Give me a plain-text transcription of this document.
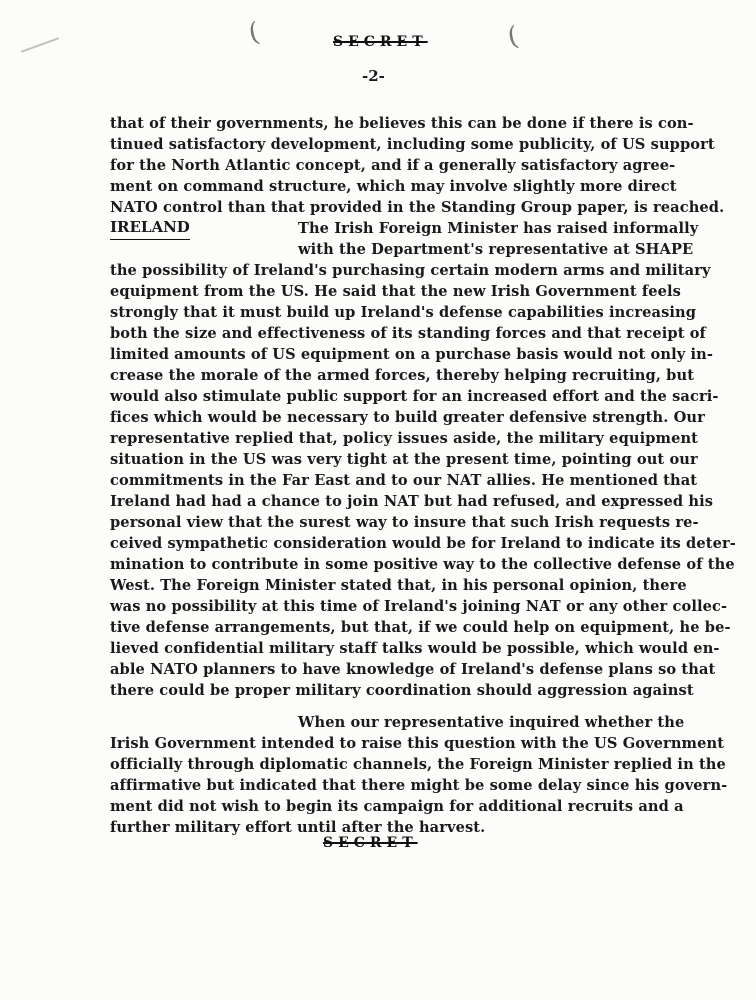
(	(
SECRET
-2-
that of their governments, he believes this can be done if there is con-
tinued satisfactory development, including some publicity, of US support
for the North Atlantic concept, and if a generally satisfactory agree-
ment on command structure, which may involve slightly more direct
NATO control than that provided in the Standing Group paper, is reached.
IRELAND	The Irish Foreign Minister has raised informally
with the Department's representative at SHAPE
the possibility of Ireland's purchasing certain modern arms and military
equipment from the US. He said that the new Irish Government feels
strongly that it must build up Ireland's defense capabilities increasing
both the size and effectiveness of its standing forces and that receipt of
limited amounts of US equipment on a purchase basis would not only in-
crease the morale of the armed forces, thereby helping recruiting, but
would also stimulate public support for an increased effort and the sacri-
fices which would be necessary to build greater defensive strength. Our
representative replied that, policy issues aside, the military equipment
situation in the US was very tight at the present time, pointing out our
commitments in the Far East and to our NAT allies. He mentioned that
Ireland had had a chance to join NAT but had refused, and expressed his
personal view that the surest way to insure that such Irish requests re-
ceived sympathetic consideration would be for Ireland to indicate its deter-
mination to contribute in some positive way to the collective defense of the
West. The Foreign Minister stated that, in his personal opinion, there
was no possibility at this time of Ireland's joining NAT or any other collec-
tive defense arrangements, but that, if we could help on equipment, he be-
lieved confidential military staff talks would be possible, which would en-
able NATO planners to have knowledge of Ireland's defense plans so that
there could be proper military coordination should aggression against
When our representative inquired whether the
Irish Government intended to raise this question with the US Government
officially through diplomatic channels, the Foreign Minister replied in the
affirmative but indicated that there might be some delay since his govern-
ment did not wish to begin its campaign for additional recruits and a
further military effort until after the harvest.
SECRET
